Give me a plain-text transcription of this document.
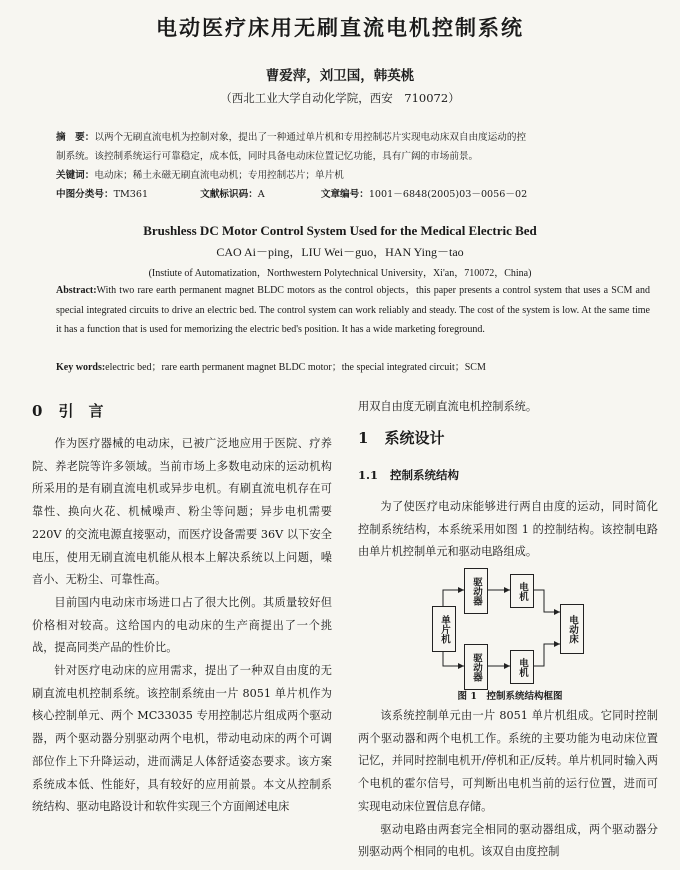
电动医疗床用无刷直流电机控制系统
曹爱萍，刘卫国，韩英桃
（西北工业大学自动化学院，西安　710072）
摘　要：以两个无刷直流电机为控制对象，提出了一种通过单片机和专用控制芯片实现电动床双自由度运动的控
制系统。该控制系统运行可靠稳定，成本低，同时具备电动床位置记忆功能，具有广阔的市场前景。
关键词：电动床；稀土永磁无刷直流电动机；专用控制芯片；单片机
中图分类号：TM361	文献标识码：A	文章编号：1001－6848(2005)03－0056－02
Brushless DC Motor Control System Used for the Medical Electric Bed
CAO Ai－ping，LIU Wei－guo，HAN Ying－tao
(Instiute of Automatization，Northwestern Polytechnical University，Xi'an，710072，China)
Abstract:With two rare earth permanent magnet BLDC motors as the control objects，this paper presents a control system that uses a SCM and special integrated circuits to drive an electric bed. The control system can work reliably and steady. The cost of the system is low. At the same time it has a function that is used for memorizing the electric bed's position. It has a wide marketing foreground.
Key words:electric bed；rare earth permanent magnet BLDC motor；the special integrated circuit；SCM
0 引　言

作为医疗器械的电动床，已被广泛地应用于医院、疗养院、养老院等许多领域。当前市场上多数电动床的运动机构所采用的是有刷直流电机或异步电机。有刷直流电机存在可靠性、换向火花、机械噪声、粉尘等问题；异步电机需要 220V 的交流电源直接驱动，而医疗设备需要 36V 以下安全电压，使用无刷直流电机能从根本上解决系统以上问题，噪音小、无粉尘、可靠性高。

目前国内电动床市场进口占了很大比例。其质量较好但价格相对较高。这给国内的电动床的生产商提出了一个挑战，提高同类产品的性价比。

针对医疗电动床的应用需求，提出了一种双自由度的无刷直流电机控制系统。该控制系统由一片 8051 单片机作为核心控制单元、两个 MC33035 专用控制芯片组成两个驱动器，两个驱动器分别驱动两个电机，带动电动床的两个可调部位作上下升降运动，进而满足人体舒适姿态要求。该方案系统成本低、性能好，具有较好的应用前景。本文从控制系统结构、驱动电路设计和软件实现三个方面阐述电床

用双自由度无刷直流电机控制系统。
1 系统设计
1.1 控制系统结构

为了使医疗电动床能够进行两自由度的运动，同时简化控制系统结构，本系统采用如图 1 的控制结构。该控制电路由单片机控制单元和驱动电路组成。

单片机
驱动器
驱动器
电机
电机
电动床
图 1　控制系统结构框图

该系统控制单元由一片 8051 单片机组成。它同时控制两个驱动器和两个电机工作。系统的主要功能为电动床位置记忆，并同时控制电机开/停机和正/反转。单片机同时输入两个电机的霍尔信号，可判断出电机当前的运行位置，进而可实现电动床位置信息存储。

驱动电路由两套完全相同的驱动器组成，两个驱动器分别驱动两个相同的电机。该双自由度控制
